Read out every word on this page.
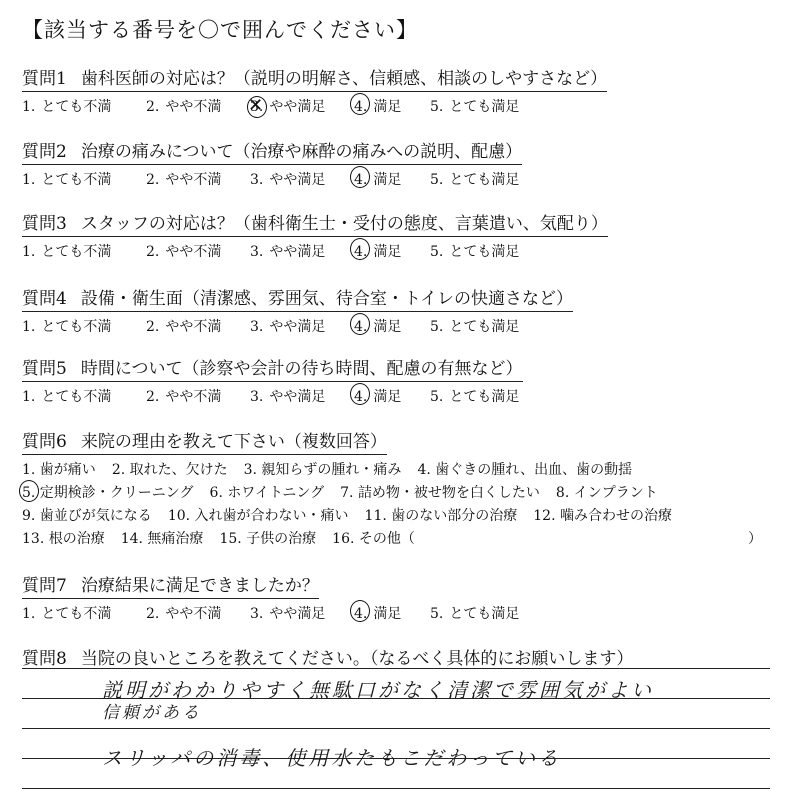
【該当する番号を〇で囲んでください】
質問1 歯科医師の対応は？（説明の明解さ、信頼感、相談のしやすさなど）
1. とても不満	2. やや不満	3. ✕ やや満足	4. 満足	5. とても満足
質問2 治療の痛みについて（治療や麻酔の痛みへの説明、配慮）
1. とても不満	2. やや不満	3. やや満足	4. 満足	5. とても満足
質問3 スタッフの対応は？（歯科衛生士・受付の態度、言葉遣い、気配り）
1. とても不満	2. やや不満	3. やや満足	4. 満足	5. とても満足
質問4 設備・衛生面（清潔感、雰囲気、待合室・トイレの快適さなど）
1. とても不満	2. やや不満	3. やや満足	4. 満足	5. とても満足
質問5 時間について（診察や会計の待ち時間、配慮の有無など）
1. とても不満	2. やや不満	3. やや満足	4. 満足	5. とても満足
質問6 来院の理由を教えて下さい（複数回答）
1. 歯が痛い 2. 取れた、欠けた 3. 親知らずの腫れ・痛み 4. 歯ぐきの腫れ、出血、歯の動揺
5. 定期検診・クリーニング 6. ホワイトニング 7. 詰め物・被せ物を白くしたい 8. インプラント
9. 歯並びが気になる 10. 入れ歯が合わない・痛い 11. 歯のない部分の治療 12. 噛み合わせの治療
13. 根の治療 14. 無痛治療 15. 子供の治療 16. その他（	）
質問7 治療結果に満足できましたか？
1. とても不満	2. やや不満	3. やや満足	4. 満足	5. とても満足
質問8 当院の良いところを教えてください。（なるべく具体的にお願いします）
説明がわかりやすく無駄口がなく清潔で雰囲気がよい
信頼がある
スリッパの消毒、使用水たもこだわっている
